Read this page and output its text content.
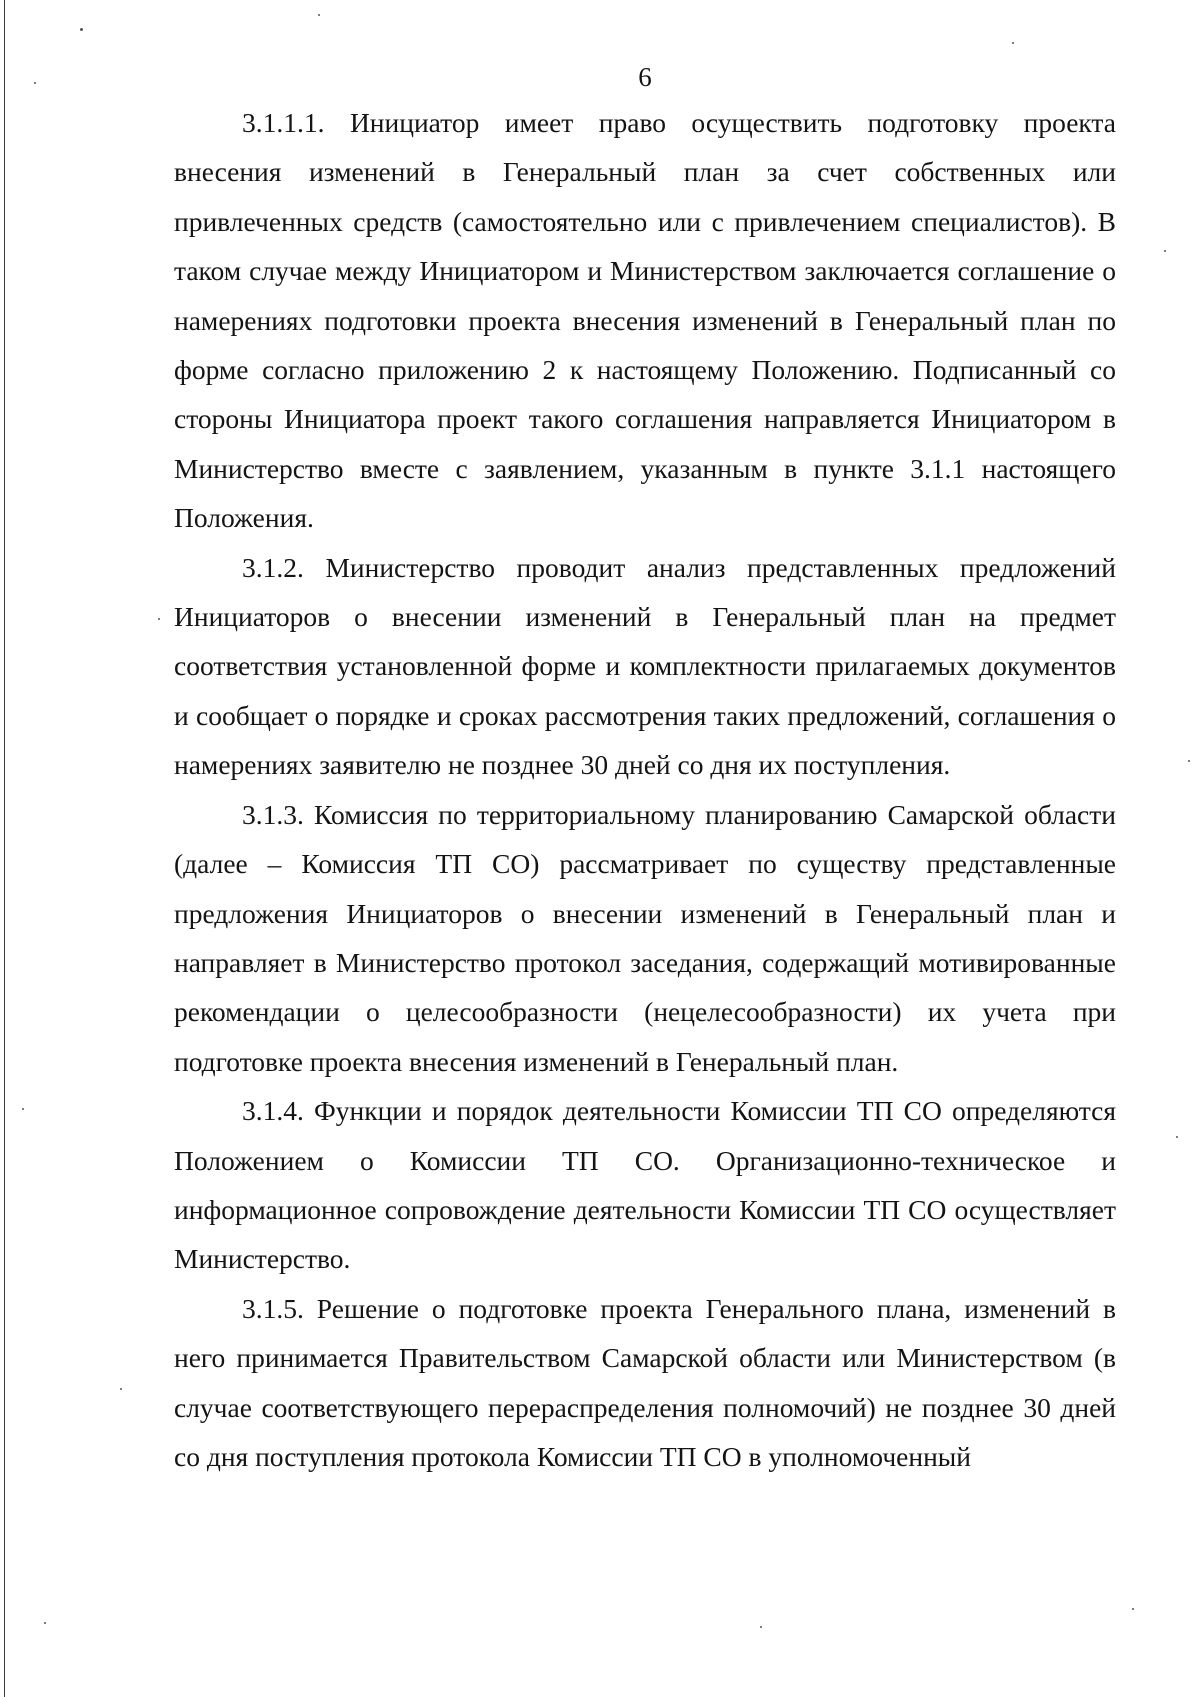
6

3.1.1.1. Инициатор имеет право осуществить подготовку проекта внесения изменений в Генеральный план за счет собственных или привлеченных средств (самостоятельно или с привлечением специалистов). В таком случае между Инициатором и Министерством заключается соглашение о намерениях подготовки проекта внесения изменений в Генеральный план по форме согласно приложению 2 к настоящему Положению. Подписанный со стороны Инициатора проект такого соглашения направляется Инициатором в Министерство вместе с заявлением, указанным в пункте 3.1.1 настоящего Положения.

3.1.2. Министерство проводит анализ представленных предложений Инициаторов о внесении изменений в Генеральный план на предмет соответствия установленной форме и комплектности прилагаемых документов и сообщает о порядке и сроках рассмотрения таких предложений, соглашения о намерениях заявителю не позднее 30 дней со дня их поступления.

3.1.3. Комиссия по территориальному планированию Самарской области (далее – Комиссия ТП СО) рассматривает по существу представленные предложения Инициаторов о внесении изменений в Генеральный план и направляет в Министерство протокол заседания, содержащий мотивированные рекомендации о целесообразности (нецелесообразности) их учета при подготовке проекта внесения изменений в Генеральный план.

3.1.4. Функции и порядок деятельности Комиссии ТП СО определяются Положением о Комиссии ТП СО. Организационно-техническое и информационное сопровождение деятельности Комиссии ТП СО осуществляет Министерство.

3.1.5. Решение о подготовке проекта Генерального плана, изменений в него принимается Правительством Самарской области или Министерством (в случае соответствующего перераспределения полномочий) не позднее 30 дней со дня поступления протокола Комиссии ТП СО в уполномоченный
